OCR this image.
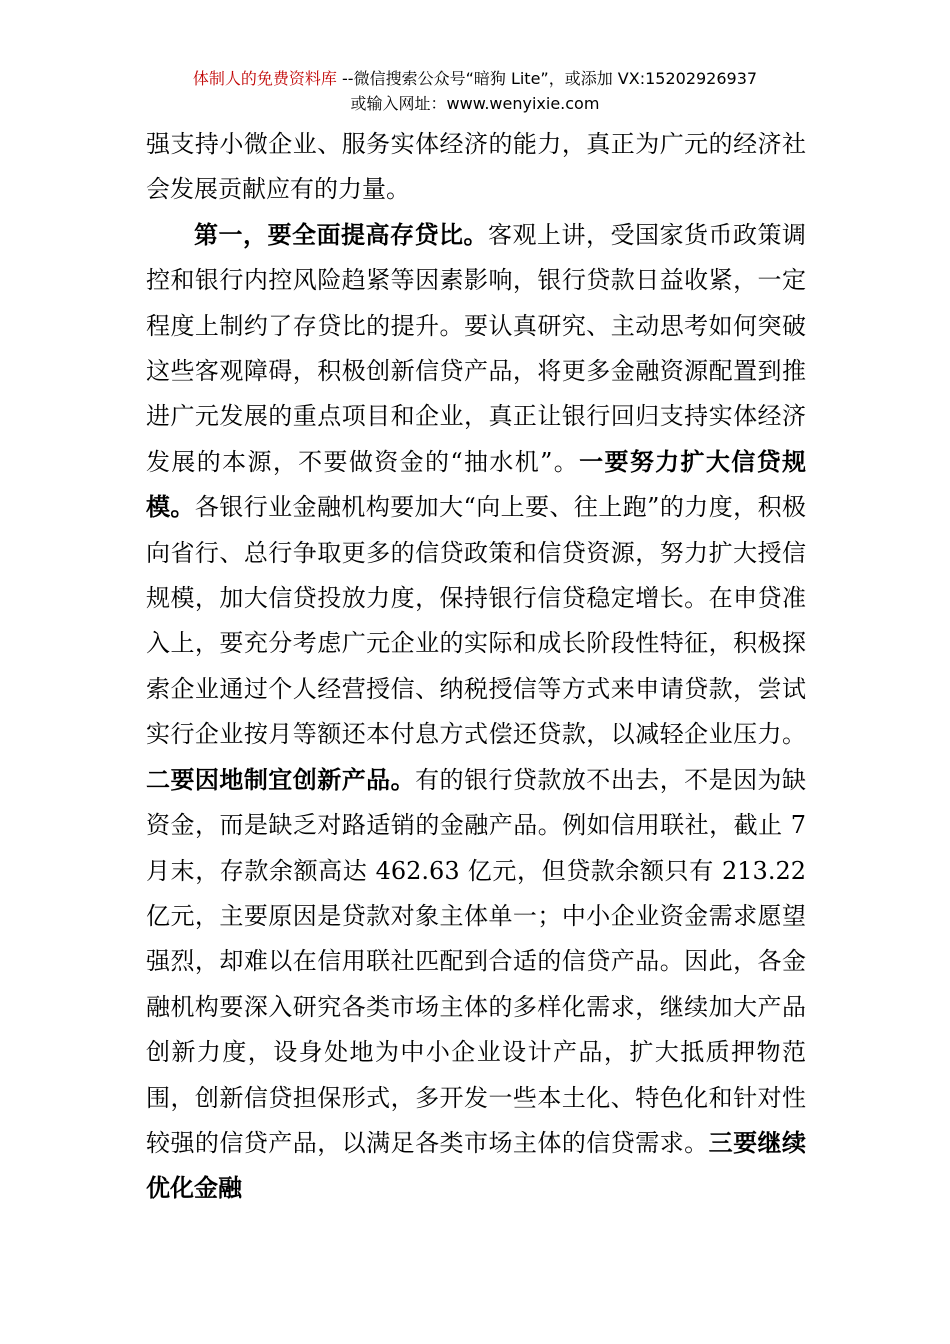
体制人的免费资料库 --微信搜索公众号“暗狗 Lite”，或添加 VX:15202926937
或输入网址：www.wenyixie.com

强支持小微企业、服务实体经济的能力，真正为广元的经济社会发展贡献应有的力量。

第一，要全面提高存贷比。客观上讲，受国家货币政策调控和银行内控风险趋紧等因素影响，银行贷款日益收紧，一定程度上制约了存贷比的提升。要认真研究、主动思考如何突破这些客观障碍，积极创新信贷产品，将更多金融资源配置到推进广元发展的重点项目和企业，真正让银行回归支持实体经济发展的本源，不要做资金的“抽水机”。一要努力扩大信贷规模。各银行业金融机构要加大“向上要、往上跑”的力度，积极向省行、总行争取更多的信贷政策和信贷资源，努力扩大授信规模，加大信贷投放力度，保持银行信贷稳定增长。在申贷准入上，要充分考虑广元企业的实际和成长阶段性特征，积极探索企业通过个人经营授信、纳税授信等方式来申请贷款，尝试实行企业按月等额还本付息方式偿还贷款，以减轻企业压力。二要因地制宜创新产品。有的银行贷款放不出去，不是因为缺资金，而是缺乏对路适销的金融产品。例如信用联社，截止 7 月末，存款余额高达 462.63 亿元，但贷款余额只有 213.22 亿元，主要原因是贷款对象主体单一；中小企业资金需求愿望强烈，却难以在信用联社匹配到合适的信贷产品。因此，各金融机构要深入研究各类市场主体的多样化需求，继续加大产品创新力度，设身处地为中小企业设计产品，扩大抵质押物范围，创新信贷担保形式，多开发一些本土化、特色化和针对性较强的信贷产品，以满足各类市场主体的信贷需求。三要继续优化金融
